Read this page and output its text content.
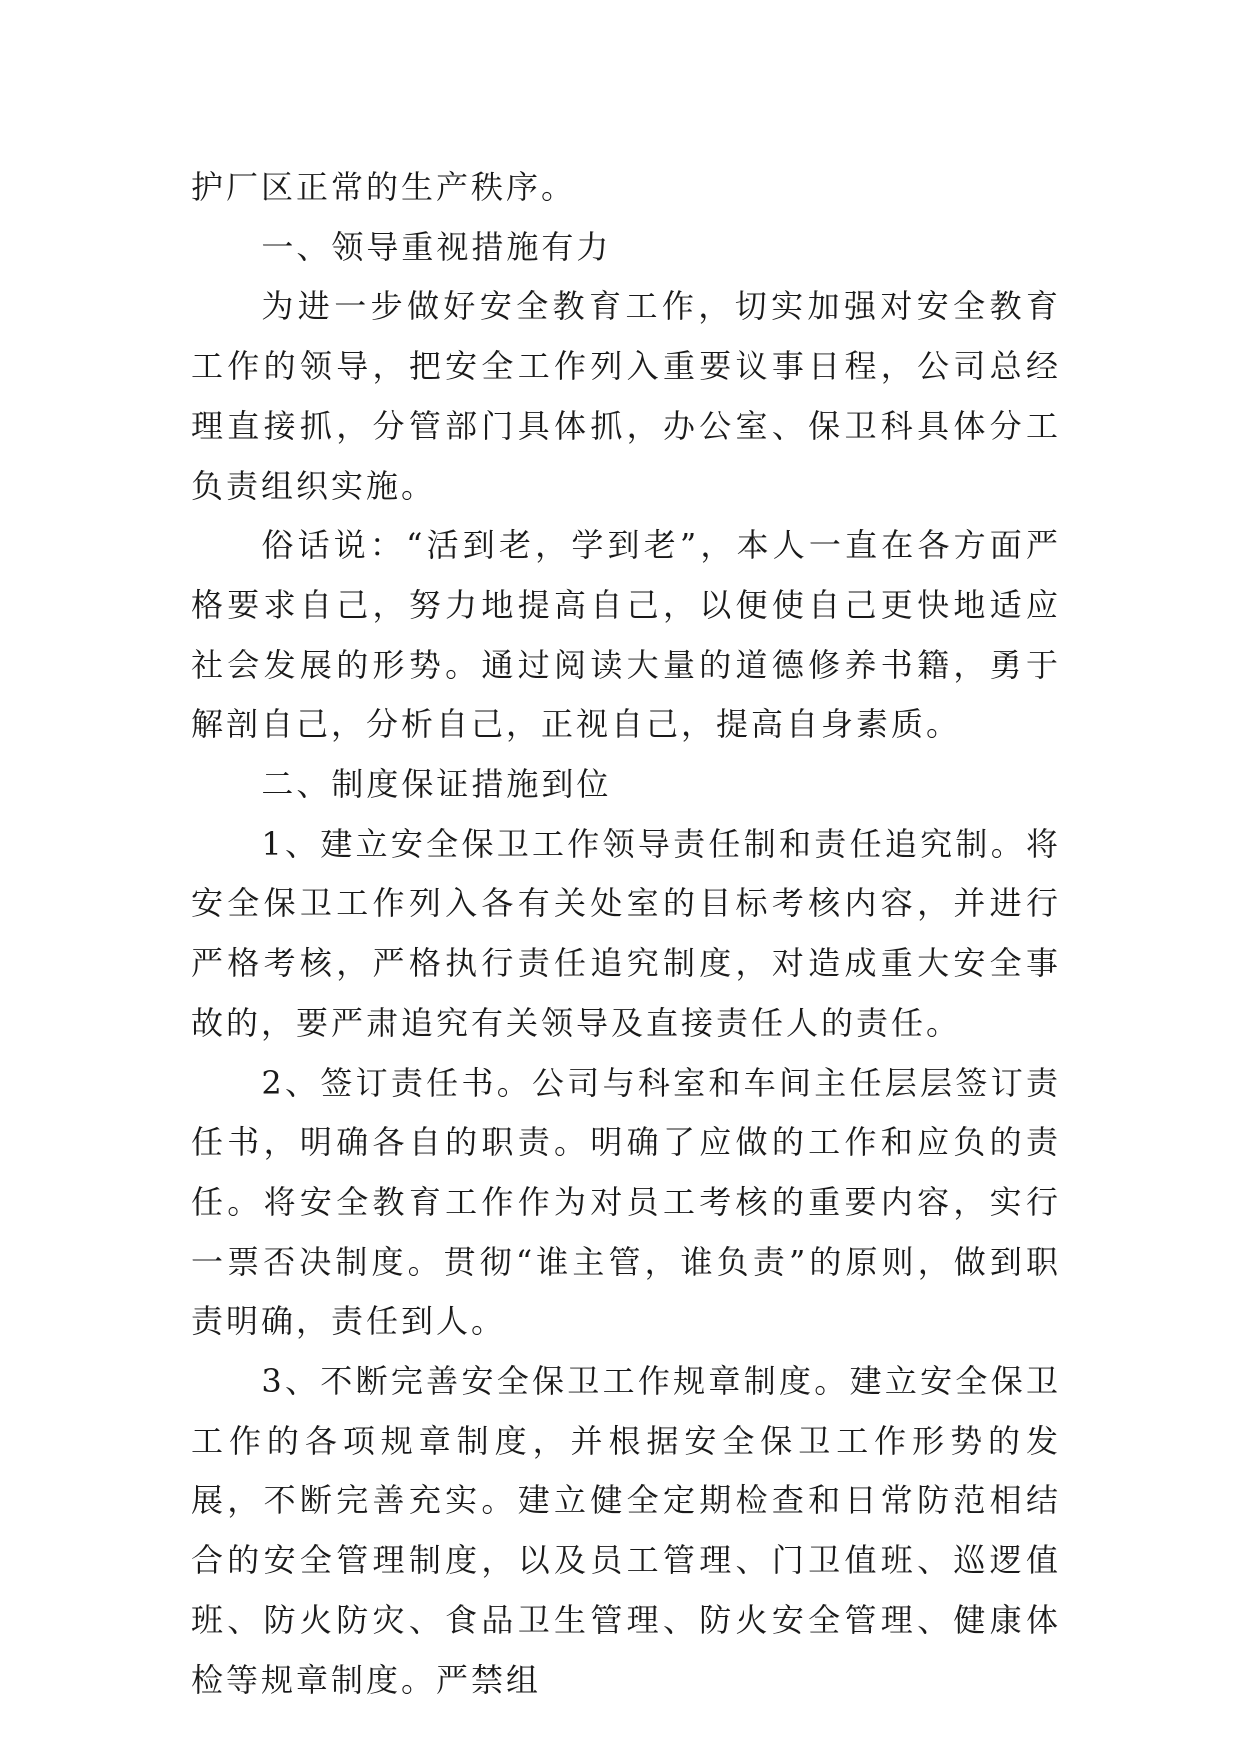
护厂区正常的生产秩序。

一、领导重视措施有力

为进一步做好安全教育工作，切实加强对安全教育工作的领导，把安全工作列入重要议事日程，公司总经理直接抓，分管部门具体抓，办公室、保卫科具体分工负责组织实施。

俗话说：“活到老，学到老”，本人一直在各方面严格要求自己，努力地提高自己，以便使自己更快地适应社会发展的形势。通过阅读大量的道德修养书籍，勇于解剖自己，分析自己，正视自己，提高自身素质。

二、制度保证措施到位

1、建立安全保卫工作领导责任制和责任追究制。将安全保卫工作列入各有关处室的目标考核内容，并进行严格考核，严格执行责任追究制度，对造成重大安全事故的，要严肃追究有关领导及直接责任人的责任。

2、签订责任书。公司与科室和车间主任层层签订责任书，明确各自的职责。明确了应做的工作和应负的责任。将安全教育工作作为对员工考核的重要内容，实行一票否决制度。贯彻“谁主管，谁负责”的原则，做到职责明确，责任到人。

3、不断完善安全保卫工作规章制度。建立安全保卫工作的各项规章制度，并根据安全保卫工作形势的发展，不断完善充实。建立健全定期检查和日常防范相结合的安全管理制度，以及员工管理、门卫值班、巡逻值班、防火防灾、食品卫生管理、防火安全管理、健康体检等规章制度。严禁组
